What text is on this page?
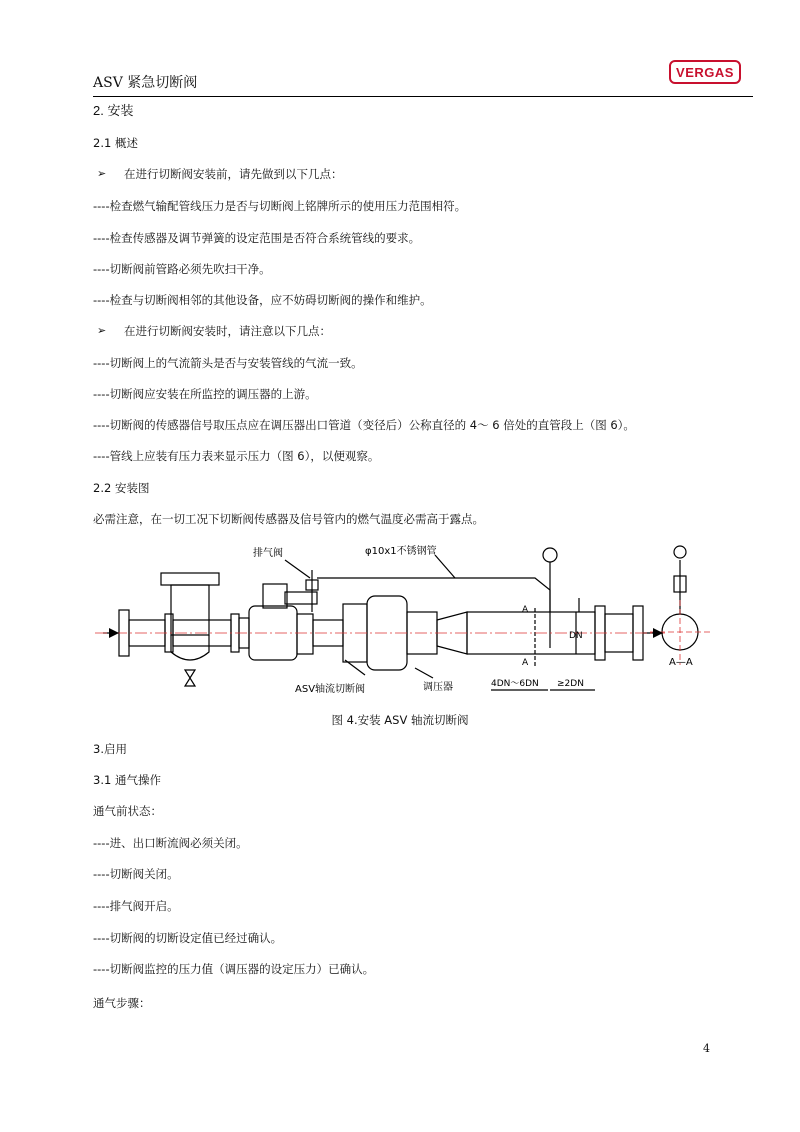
ASV 紧急切断阀
VERGAS
2. 安装
2.1 概述
➢ 在进行切断阀安装前，请先做到以下几点：
----检查燃气输配管线压力是否与切断阀上铭牌所示的使用压力范围相符。
----检查传感器及调节弹簧的设定范围是否符合系统管线的要求。
----切断阀前管路必须先吹扫干净。
----检查与切断阀相邻的其他设备，应不妨碍切断阀的操作和维护。
➢ 在进行切断阀安装时，请注意以下几点：
----切断阀上的气流箭头是否与安装管线的气流一致。
----切断阀应安装在所监控的调压器的上游。
----切断阀的传感器信号取压点应在调压器出口管道（变径后）公称直径的 4～ 6 倍处的直管段上（图 6）。
----管线上应装有压力表来显示压力（图 6），以便观察。
2.2 安装图
必需注意，在一切工况下切断阀传感器及信号管内的燃气温度必需高于露点。
排气阀	φ10x1不锈钢管
ASV轴流切断阀	调压器	4DN～6DN ≥2DN
DN
A
A	A—A
图 4.安装 ASV 轴流切断阀
3.启用
3.1 通气操作
通气前状态：
----进、出口断流阀必须关闭。
----切断阀关闭。
----排气阀开启。
----切断阀的切断设定值已经过确认。
----切断阀监控的压力值（调压器的设定压力）已确认。
通气步骤：
4
